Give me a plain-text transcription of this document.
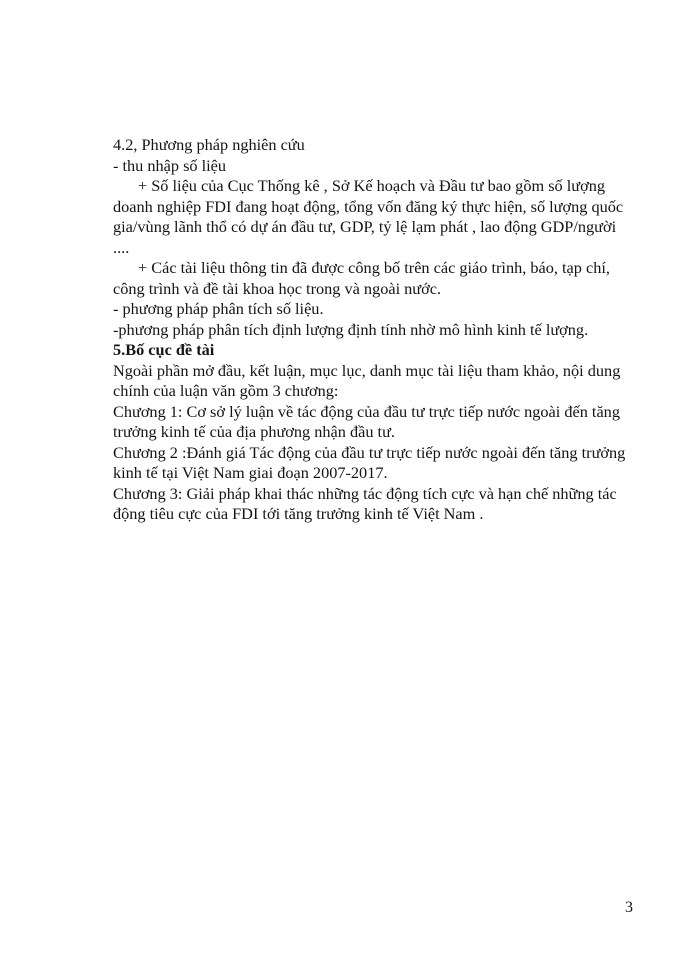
4.2, Phương pháp nghiên cứu

- thu nhập số liệu

+ Số liệu của Cục Thống kê , Sở Kế hoạch và Đầu tư bao gồm số lượng doanh nghiệp FDI đang hoạt động, tổng vốn đăng ký thực hiện, số lượng quốc gia/vùng lãnh thổ có dự án đầu tư, GDP, tỷ lệ lạm phát , lao động GDP/người

....

+ Các tài liệu thông tin đã được công bố trên các giáo trình, báo, tạp chí, công trình và đề tài khoa học trong và ngoài nước.

- phương pháp phân tích số liệu.

-phương pháp phân tích định lượng định tính nhờ mô hình kinh tế lượng.

5.Bố cục đề tài

Ngoài phần mở đầu, kết luận, mục lục, danh mục tài liệu tham khảo, nội dung chính của luận văn gồm 3 chương:

Chương 1: Cơ sở lý luận về tác động của đầu tư trực tiếp nước ngoài đến tăng trưởng kinh tế của địa phương nhận đầu tư.

Chương 2 :Đánh giá Tác động của đầu tư trực tiếp nước ngoài đến tăng trưởng kinh tế tại Việt Nam giai đoạn 2007-2017.

Chương 3: Giải pháp khai thác những tác động tích cực và hạn chế những tác động tiêu cực của FDI tới tăng trưởng kinh tế Việt Nam .

3
